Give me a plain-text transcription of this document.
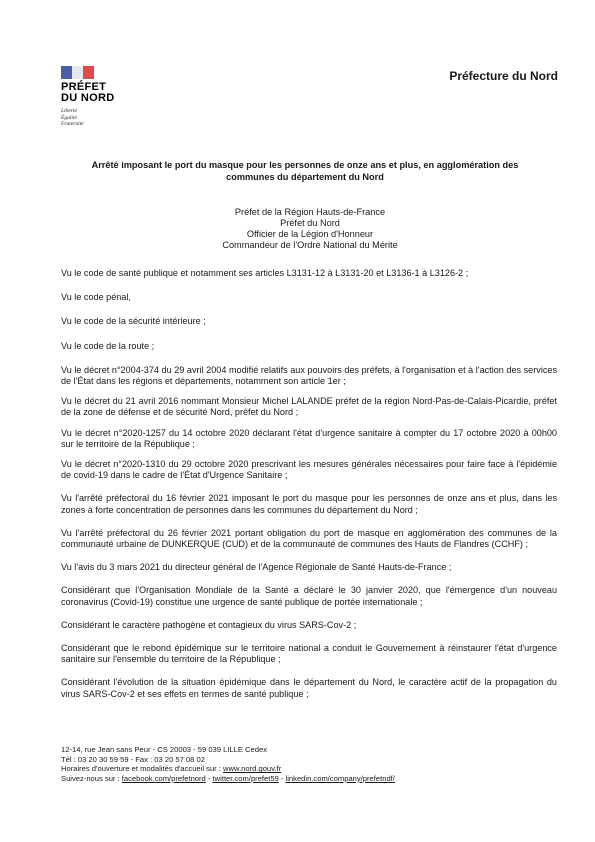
PRÉFET
DU NORD
Liberté
Égalité
Fraternité
Préfecture du Nord
Arrêté imposant le port du masque pour les personnes de onze ans et plus, en agglomération des communes du département du Nord
Préfet de la Région Hauts-de-France
Préfet du Nord
Officier de la Légion d'Honneur
Commandeur de l'Ordre National du Mérite

Vu le code de santé publique et notamment ses articles L3131-12 à L3131-20 et L3136-1 à L3126-2 ;

Vu le code pénal,

Vu le code de la sécurité intérieure ;

Vu le code de la route ;

Vu le décret n°2004-374 du 29 avril 2004 modifié relatifs aux pouvoirs des préfets, à l'organisation et à l'action des services de l'État dans les régions et départements, notamment son article 1er ;

Vu le décret du 21 avril 2016 nommant Monsieur Michel LALANDE préfet de la région Nord-Pas-de-Calais-Picardie, préfet de la zone de défense et de sécurité Nord, préfet du Nord ;

Vu le décret n°2020-1257 du 14 octobre 2020 déclarant l'état d'urgence sanitaire à compter du 17 octobre 2020 à 00h00 sur le territoire de la République ;

Vu le décret n°2020-1310 du 29 octobre 2020 prescrivant les mesures générales nécessaires pour faire face à l'épidémie de covid-19 dans le cadre de l'État d'Urgence Sanitaire ;

Vu l'arrêté préfectoral du 16 février 2021 imposant le port du masque pour les personnes de onze ans et plus, dans les zones à forte concentration de personnes dans les communes du département du Nord ;

Vu l'arrêté préfectoral du 26 février 2021 portant obligation du port de masque en agglomération des communes de la communauté urbaine de DUNKERQUE (CUD) et de la communauté de communes des Hauts de Flandres (CCHF) ;

Vu l'avis du 3 mars 2021 du directeur général de l'Agence Régionale de Santé Hauts-de-France ;

Considérant que l'Organisation Mondiale de la Santé a déclaré le 30 janvier 2020, que l'émergence d'un nouveau coronavirus (Covid-19) constitue une urgence de santé publique de portée internationale ;

Considérant le caractère pathogène et contagieux du virus SARS-Cov-2 ;

Considérant que le rebond épidémique sur le territoire national a conduit le Gouvernement à réinstaurer l'état d'urgence sanitaire sur l'ensemble du territoire de la République ;

Considérant l'évolution de la situation épidémique dans le département du Nord, le caractère actif de la propagation du virus SARS-Cov-2 et ses effets en termes de santé publique ;

12-14, rue Jean sans Peur - CS 20003 - 59 039 LILLE Cedex
Tél : 03 20 30 59 59 - Fax : 03 20 57 08 02
Horaires d'ouverture et modalités d'accueil sur : www.nord.gouv.fr
Suivez-nous sur : facebook.com/prefetnord - twitter.com/prefet59 - linkedin.com/company/prefetndf/
